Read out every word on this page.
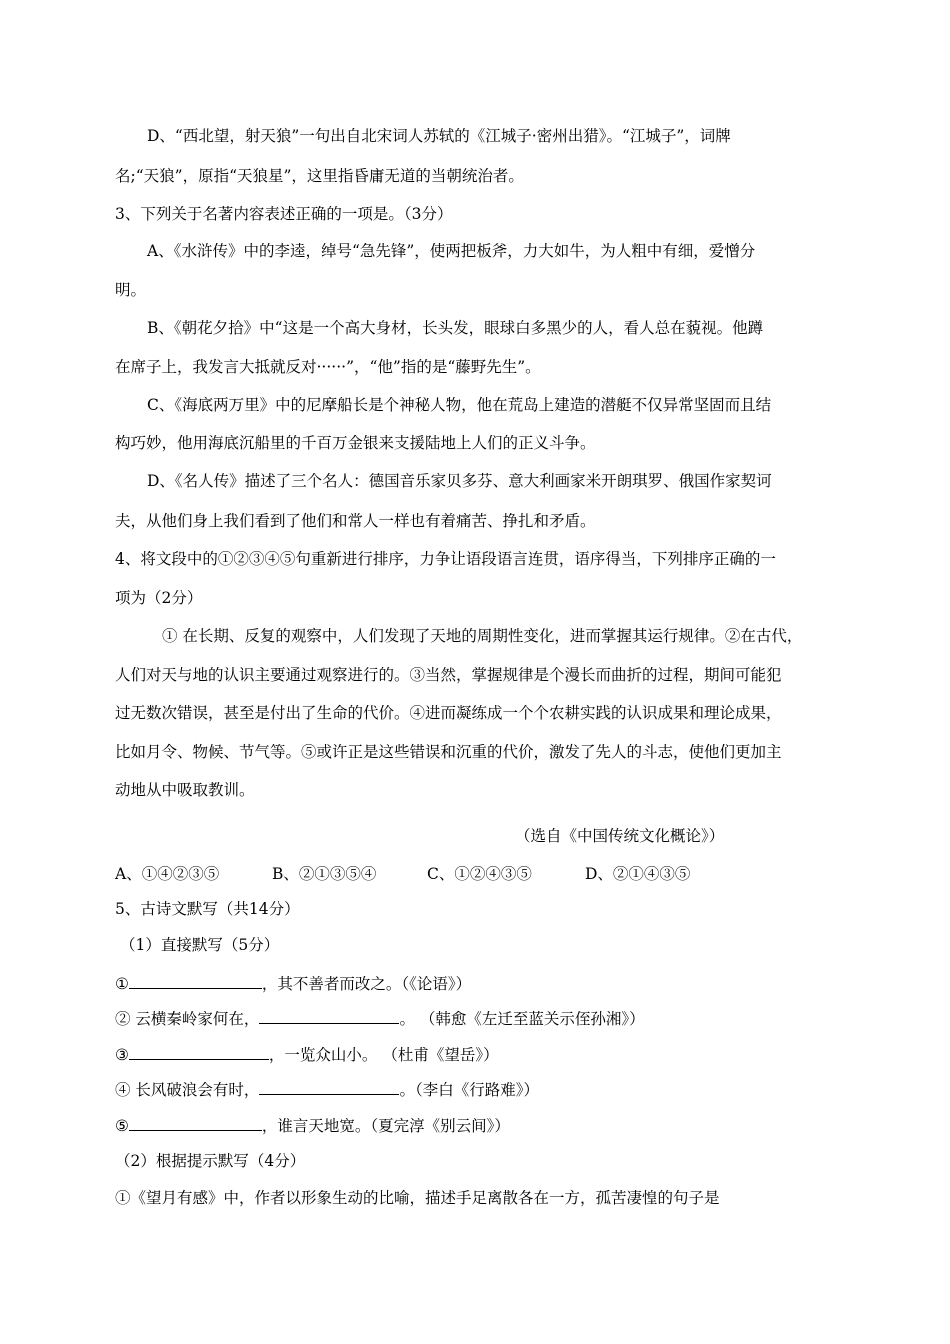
D、“西北望，射天狼”一句出自北宋词人苏轼的《江城子·密州出猎》。“江城子”，词牌
名;“天狼”，原指“天狼星”，这里指昏庸无道的当朝统治者。
3、下列关于名著内容表述正确的一项是。（3分）
A、《水浒传》中的李逵，绰号“急先锋”，使两把板斧，力大如牛，为人粗中有细，爱憎分
明。
B、《朝花夕拾》中“这是一个高大身材，长头发，眼球白多黑少的人，看人总在藐视。他蹲
在席子上，我发言大抵就反对······”，“他”指的是“藤野先生”。
C、《海底两万里》中的尼摩船长是个神秘人物，他在荒岛上建造的潜艇不仅异常坚固而且结
构巧妙，他用海底沉船里的千百万金银来支援陆地上人们的正义斗争。
D、《名人传》描述了三个名人：德国音乐家贝多芬、意大利画家米开朗琪罗、俄国作家契诃
夫，从他们身上我们看到了他们和常人一样也有着痛苦、挣扎和矛盾。
4、将文段中的①②③④⑤句重新进行排序，力争让语段语言连贯，语序得当，下列排序正确的一
项为（2分）
① 在长期、反复的观察中，人们发现了天地的周期性变化，进而掌握其运行规律。②在古代，
人们对天与地的认识主要通过观察进行的。③当然，掌握规律是个漫长而曲折的过程，期间可能犯
过无数次错误，甚至是付出了生命的代价。④进而凝练成一个个农耕实践的认识成果和理论成果，
比如月令、物候、节气等。⑤或许正是这些错误和沉重的代价，激发了先人的斗志，使他们更加主
动地从中吸取教训。
（选自《中国传统文化概论》）
A、①④②③⑤	B、②①③⑤④	C、①②④③⑤	D、②①④③⑤
5、古诗文默写（共14分）
（1）直接默写（5分）
①	，其不善者而改之。（《论语》）
② 云横秦岭家何在，	。 （韩愈《左迁至蓝关示侄孙湘》）
③	，一览众山小。 （杜甫《望岳》）
④ 长风破浪会有时，	。（李白《行路难》）
⑤	，谁言天地宽。（夏完淳《别云间》）
（2）根据提示默写（4分）
①《望月有感》中，作者以形象生动的比喻，描述手足离散各在一方，孤苦凄惶的句子是
